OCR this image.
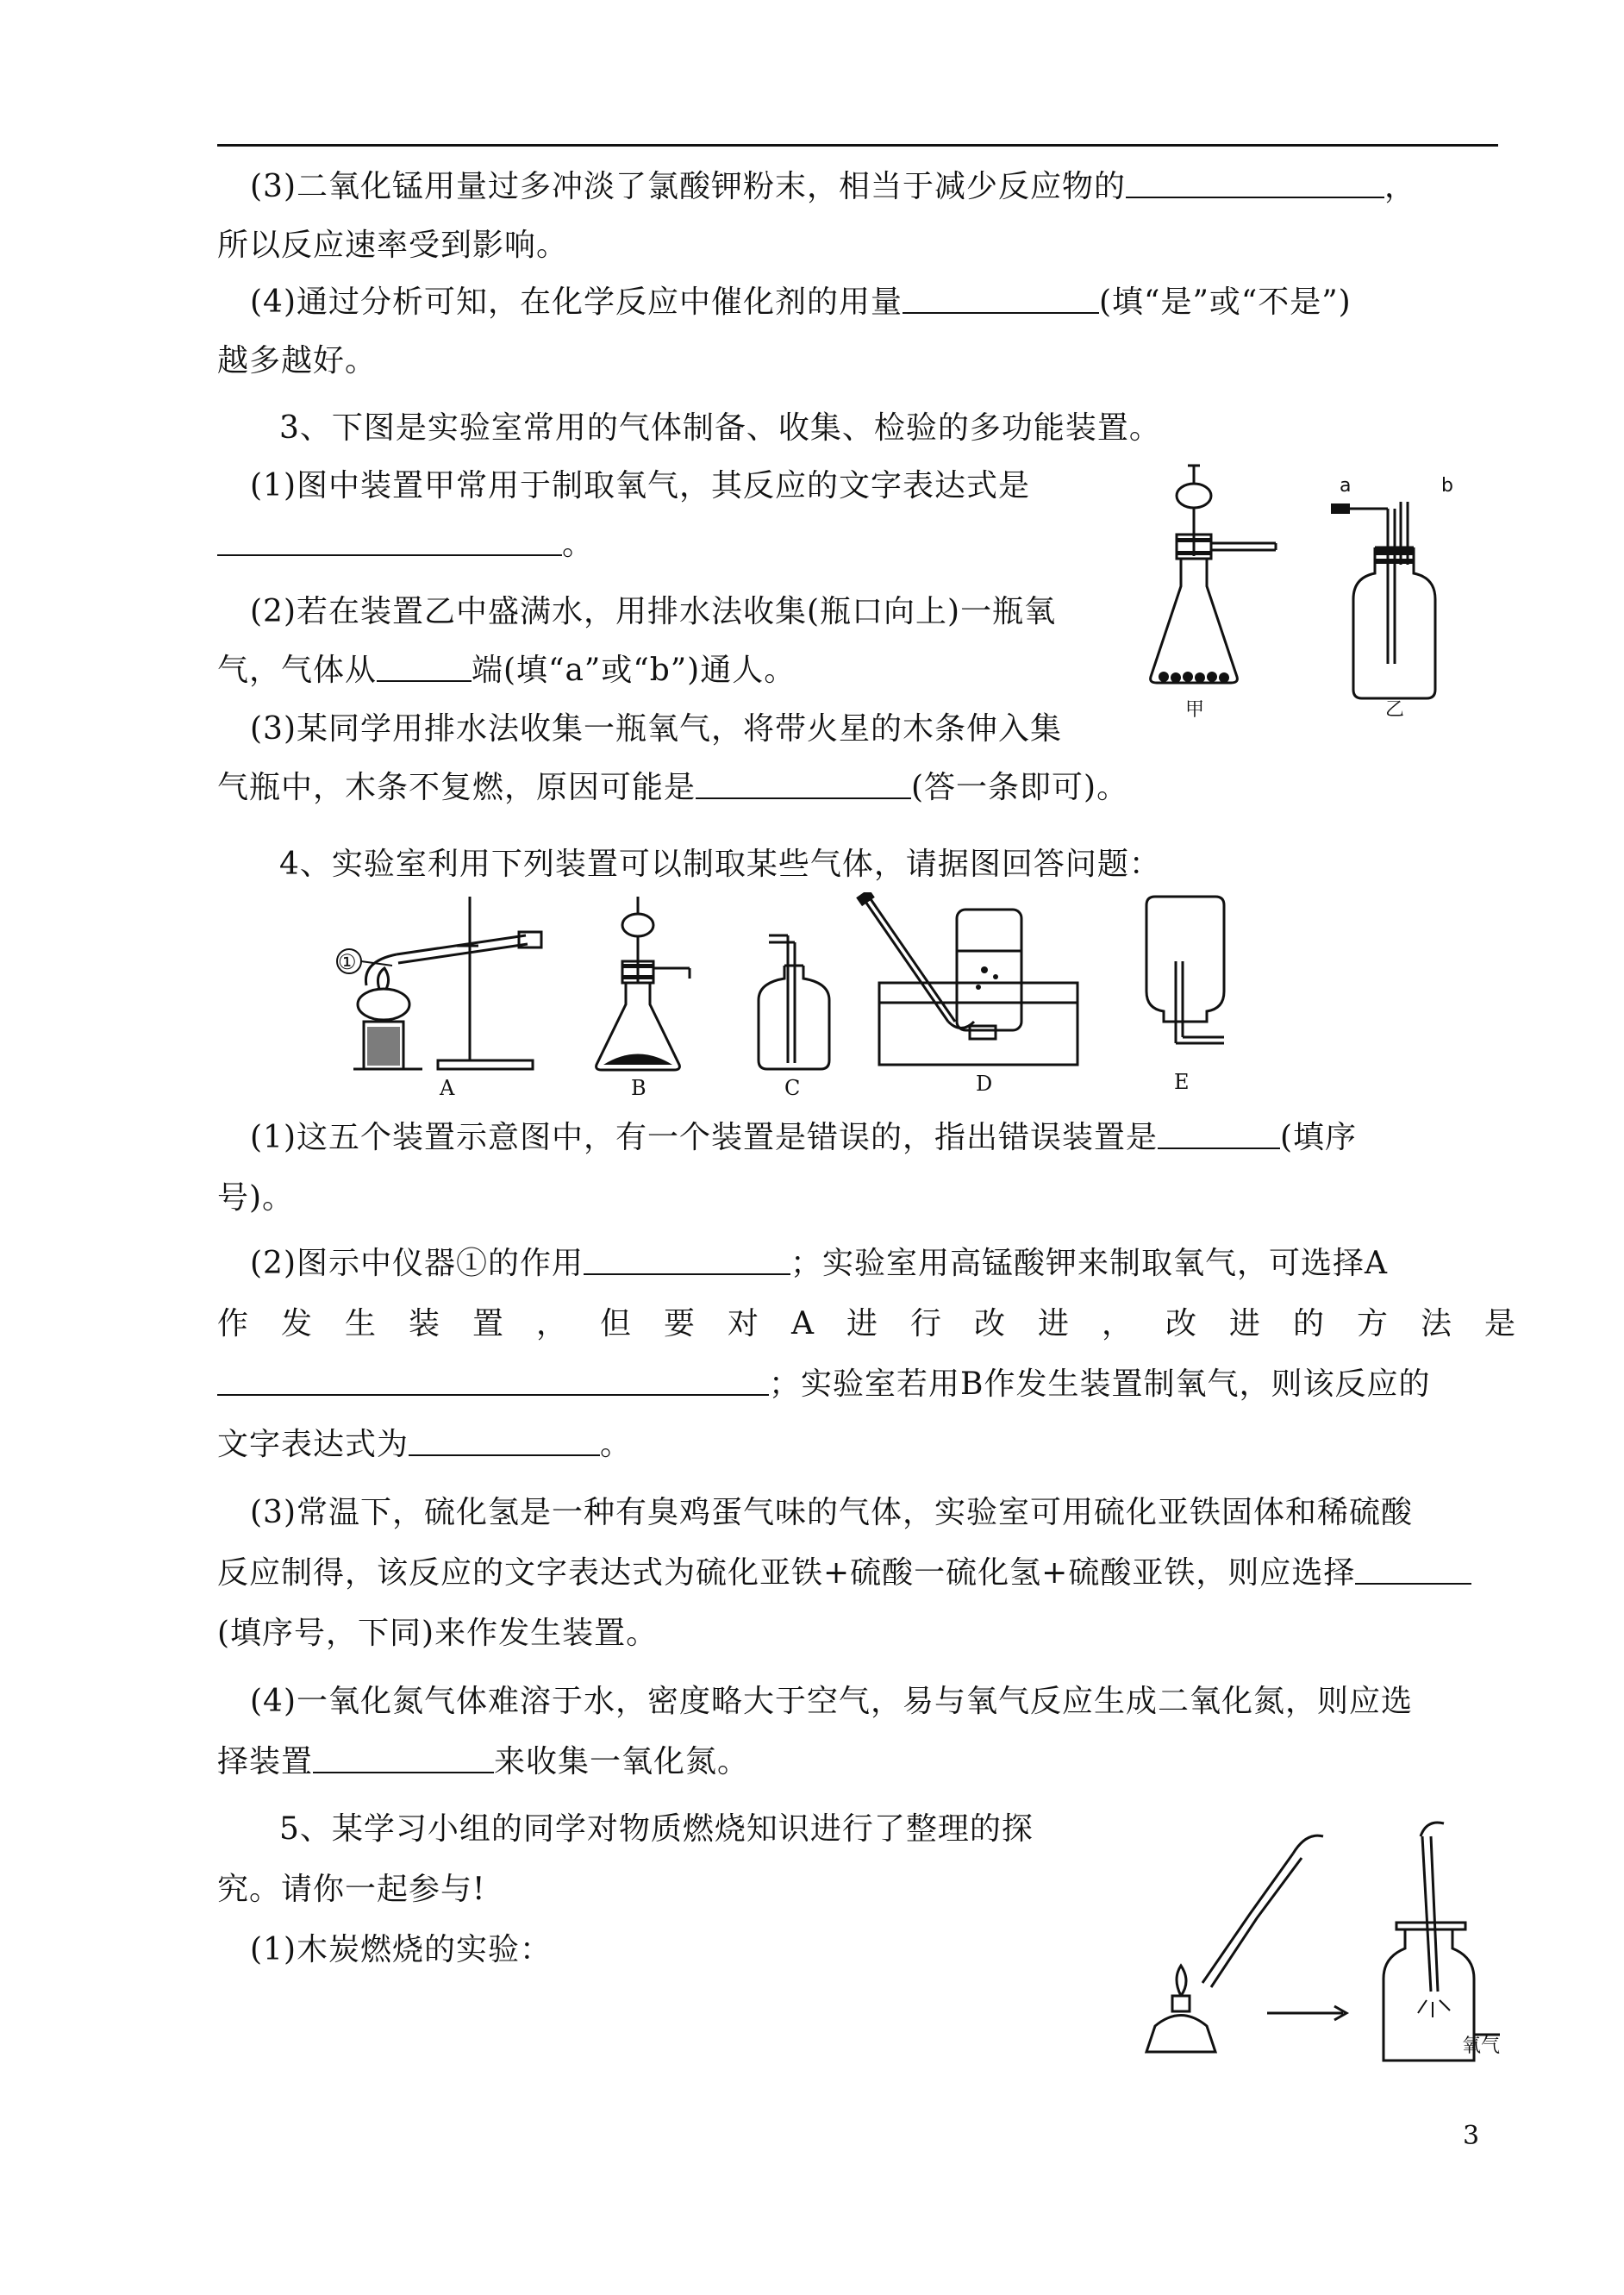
(3)二氧化锰用量过多冲淡了氯酸钾粉末，相当于减少反应物的	，
所以反应速率受到影响。
(4)通过分析可知，在化学反应中催化剂的用量	(填“是”或“不是”)
越多越好。
3、下图是实验室常用的气体制备、收集、检验的多功能装置。
(1)图中装置甲常用于制取氧气，其反应的文字表达式是
。
(2)若在装置乙中盛满水，用排水法收集(瓶口向上)一瓶氧
气，气体从	端(填“a”或“b”)通人。
(3)某同学用排水法收集一瓶氧气，将带火星的木条伸入集
气瓶中，木条不复燃，原因可能是	(答一条即可)。
甲
a	b
乙
4、实验室利用下列装置可以制取某些气体，请据图回答问题：
①
A	B	C	D	E
(1)这五个装置示意图中，有一个装置是错误的，指出错误装置是	(填序
号)。
(2)图示中仪器①的作用	；实验室用高锰酸钾来制取氧气，可选择A
作发生装置，但要对A进行改进，改进的方法是
；实验室若用B作发生装置制氧气，则该反应的
文字表达式为	。
(3)常温下，硫化氢是一种有臭鸡蛋气味的气体，实验室可用硫化亚铁固体和稀硫酸
反应制得，该反应的文字表达式为硫化亚铁+硫酸一硫化氢+硫酸亚铁，则应选择
(填序号，下同)来作发生装置。
(4)一氧化氮气体难溶于水，密度略大于空气，易与氧气反应生成二氧化氮，则应选
择装置	来收集一氧化氮。
5、某学习小组的同学对物质燃烧知识进行了整理的探
究。请你一起参与!
(1)木炭燃烧的实验：
氧气
3
